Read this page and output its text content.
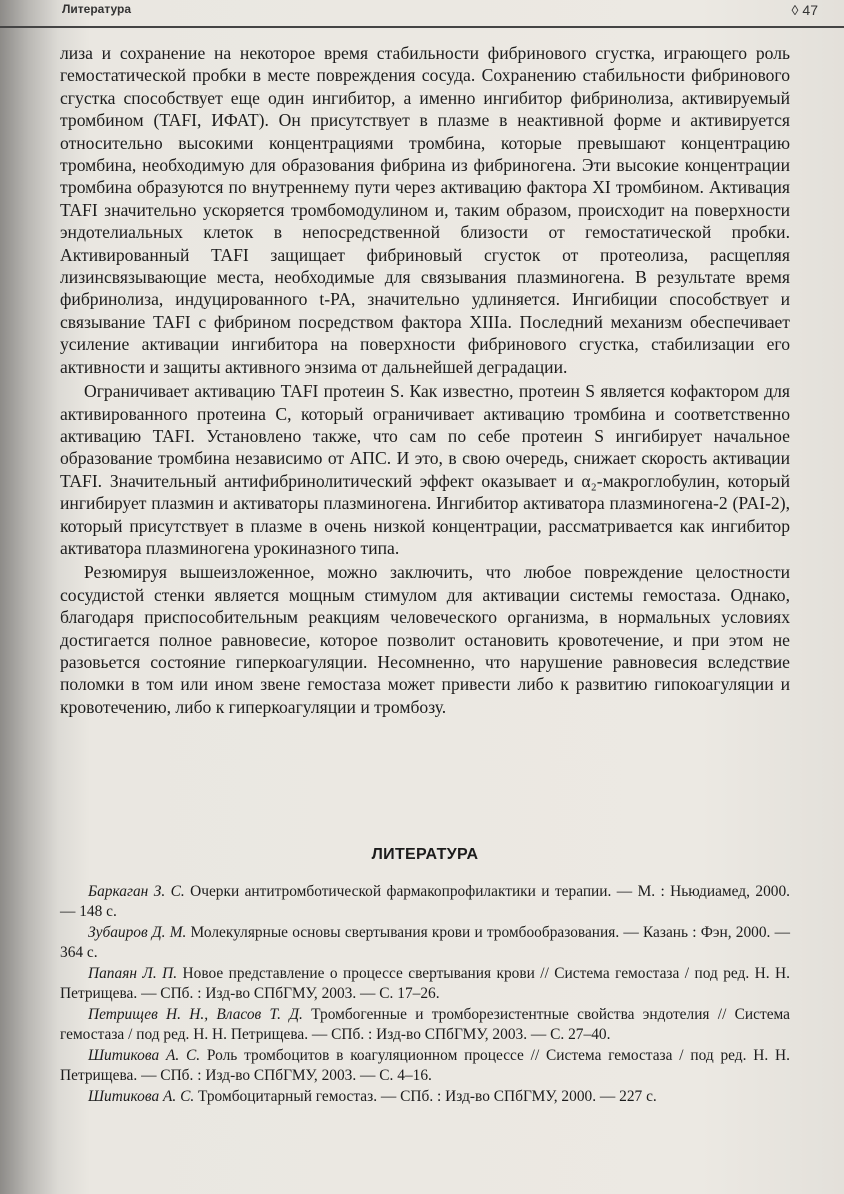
Литература	◊ 47

лиза и сохранение на некоторое время стабильности фибринового сгустка, играющего роль гемостатической пробки в месте повреждения сосуда. Сохранению стабильности фибринового сгустка способствует еще один ингибитор, а именно ингибитор фибринолиза, активируемый тромбином (TAFI, ИФАТ). Он присутствует в плазме в неактивной форме и активируется относительно высокими концентрациями тромбина, которые превышают концентрацию тромбина, необходимую для образования фибрина из фибриногена. Эти высокие концентрации тромбина образуются по внутреннему пути через активацию фактора XI тромбином. Активация TAFI значительно ускоряется тромбомодулином и, таким образом, происходит на поверхности эндотелиальных клеток в непосредственной близости от гемостатической пробки. Активированный TAFI защищает фибриновый сгусток от протеолиза, расщепляя лизинсвязывающие места, необходимые для связывания плазминогена. В результате время фибринолиза, индуцированного t-PA, значительно удлиняется. Ингибиции способствует и связывание TAFI с фибрином посредством фактора XIIIa. Последний механизм обеспечивает усиление активации ингибитора на поверхности фибринового сгустка, стабилизации его активности и защиты активного энзима от дальнейшей деградации.

Ограничивает активацию TAFI протеин S. Как известно, протеин S является кофактором для активированного протеина С, который ограничивает активацию тромбина и соответственно активацию TAFI. Установлено также, что сам по себе протеин S ингибирует начальное образование тромбина независимо от АПС. И это, в свою очередь, снижает скорость активации TAFI. Значительный антифибринолитический эффект оказывает и α₂-макроглобулин, который ингибирует плазмин и активаторы плазминогена. Ингибитор активатора плазминогена-2 (PAI-2), который присутствует в плазме в очень низкой концентрации, рассматривается как ингибитор активатора плазминогена урокиназного типа.

Резюмируя вышеизложенное, можно заключить, что любое повреждение целостности сосудистой стенки является мощным стимулом для активации системы гемостаза. Однако, благодаря приспособительным реакциям человеческого организма, в нормальных условиях достигается полное равновесие, которое позволит остановить кровотечение, и при этом не разовьется состояние гиперкоагуляции. Несомненно, что нарушение равновесия вследствие поломки в том или ином звене гемостаза может привести либо к развитию гипокоагуляции и кровотечению, либо к гиперкоагуляции и тромбозу.

ЛИТЕРАТУРА

Баркаган З. С. Очерки антитромботической фармакопрофилактики и терапии. — М. : Ньюдиамед, 2000. — 148 с.

Зубаиров Д. М. Молекулярные основы свертывания крови и тромбообразования. — Казань : Фэн, 2000. — 364 с.

Папаян Л. П. Новое представление о процессе свертывания крови // Система гемостаза / под ред. Н. Н. Петрищева. — СПб. : Изд-во СПбГМУ, 2003. — С. 17–26.

Петрищев Н. Н., Власов Т. Д. Тромбогенные и тромборезистентные свойства эндотелия // Система гемостаза / под ред. Н. Н. Петрищева. — СПб. : Изд-во СПбГМУ, 2003. — С. 27–40.

Шитикова А. С. Роль тромбоцитов в коагуляционном процессе // Система гемостаза / под ред. Н. Н. Петрищева. — СПб. : Изд-во СПбГМУ, 2003. — С. 4–16.

Шитикова А. С. Тромбоцитарный гемостаз. — СПб. : Изд-во СПбГМУ, 2000. — 227 с.
